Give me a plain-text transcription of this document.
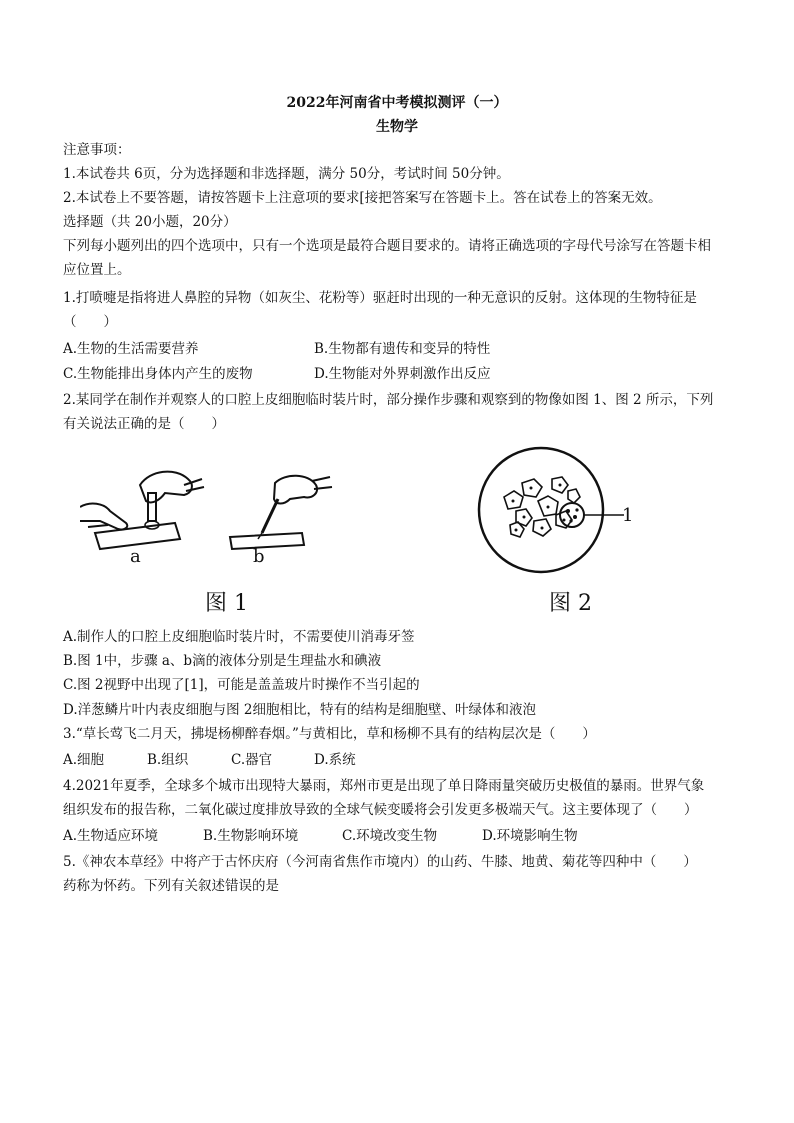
2022年河南省中考模拟测评（一）
生物学
注意事项：
1.本试卷共 6页，分为选择题和非选择题，满分 50分，考试时间 50分钟。
2.本试卷上不要答题，请按答题卡上注意项的要求[接把答案写在答题卡上。答在试卷上的答案无效。
选择题（共 20小题，20分）
下列每小题列出的四个选项中，只有一个选项是最符合题目要求的。请将正确选项的字母代号涂写在答题卡相
应位置上。
1.打喷嚏是指将进人鼻腔的异物（如灰尘、花粉等）驱赶时出现的一种无意识的反射。这体现的生物特征是
（　　）
A.生物的生活需要营养	B.生物都有遗传和变异的特性
C.生物能排出身体内产生的废物	D.生物能对外界刺激作出反应
2.某同学在制作并观察人的口腔上皮细胞临时装片时，部分操作步骤和观察到的物像如图 1、图 2 所示，下列
有关说法正确的是（　　）
a	b
图 1
1
图 2
A.制作人的口腔上皮细胞临时装片时，不需要使川消毒牙签
B.图 1中，步骤 a、b滴的液体分别是生理盐水和碘液
C.图 2视野中出现了[1]，可能是盖盖玻片时操作不当引起的
D.洋葱鳞片叶内表皮细胞与图 2细胞相比，特有的结构是细胞壁、叶绿体和液泡
3.“草长莺飞二月天，拂堤杨柳醉春烟。”与黄相比，草和杨柳不具有的结构层次是（　　）
A.细胞	B.组织	C.器官	D.系统
4.2021年夏季，全球多个城市出现特大暴雨，郑州市更是出现了单日降雨量突破历史极值的暴雨。世界气象
组织发布的报告称，二氧化碳过度排放导致的全球气候变暖将会引发更多极端天气。这主要体现了（　　）
A.生物适应环境	B.生物影响环境	C.环境改变生物	D.环境影响生物
5.《神农本草经》中将产于古怀庆府（今河南省焦作市境内）的山药、牛膝、地黄、菊花等四种中（　　）
药称为怀药。下列有关叙述错误的是
